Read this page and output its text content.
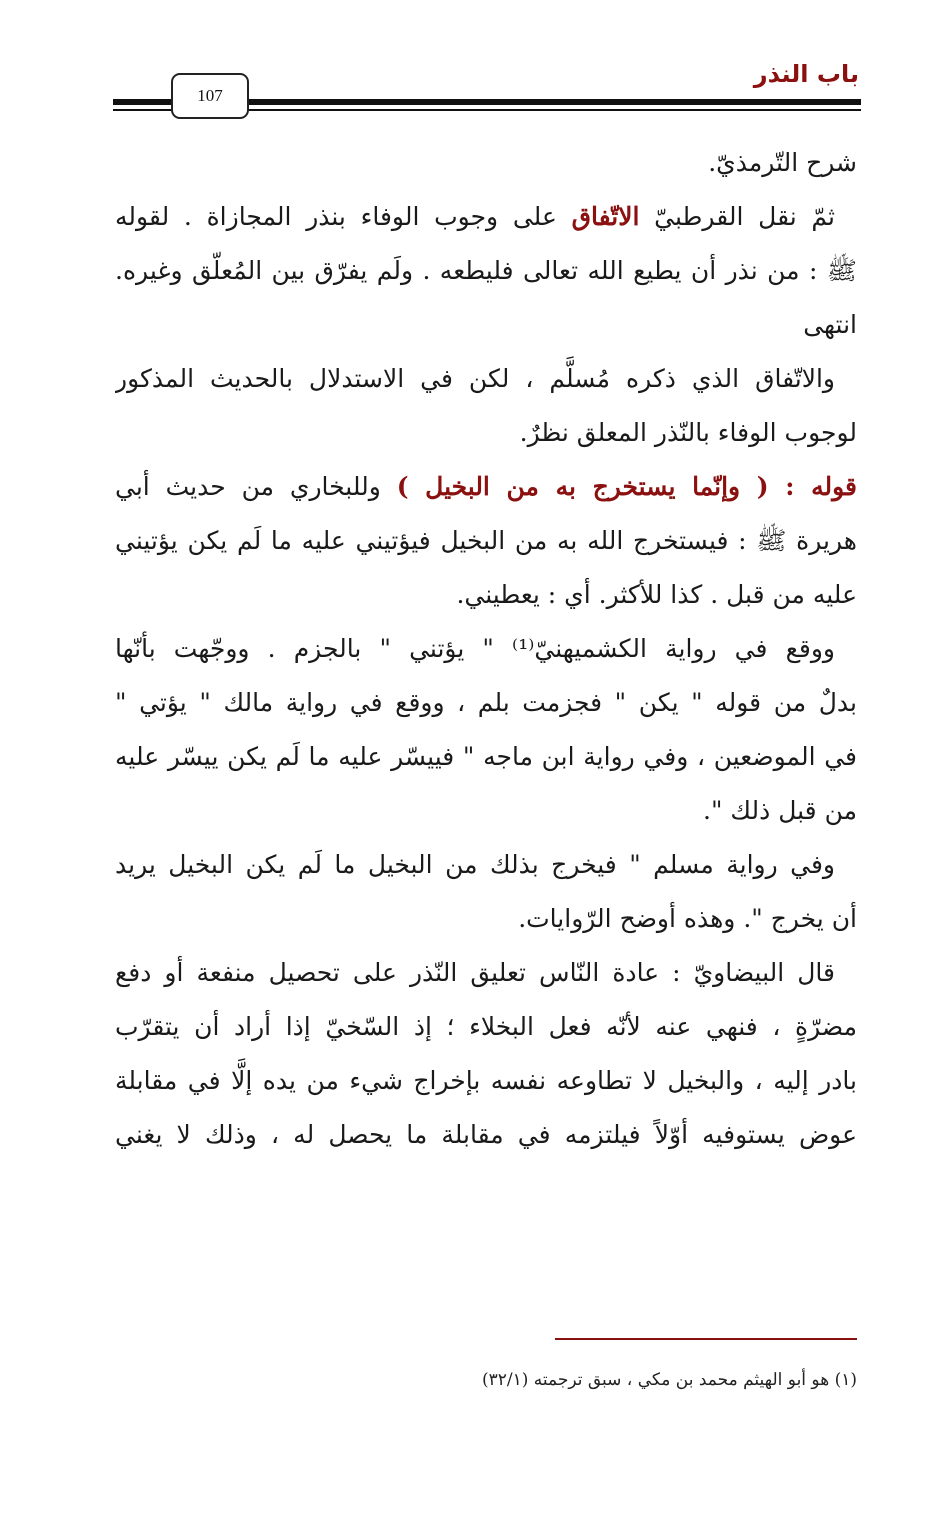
باب النذر
107
شرح التّرمذيّ.
ثمّ نقل القرطبيّ الاتّفاق على وجوب الوفاء بنذر المجازاة . لقوله
ﷺ : من نذر أن يطيع الله تعالى فليطعه . ولَم يفرّق بين المُعلّق وغيره.
انتهى
والاتّفاق الذي ذكره مُسلَّم ، لكن في الاستدلال بالحديث المذكور
لوجوب الوفاء بالنّذر المعلق نظرٌ.
قوله : ( وإنّما يستخرج به من البخيل ) وللبخاري من حديث أبي
هريرة ﷺ : فيستخرج الله به من البخيل فيؤتيني عليه ما لَم يكن يؤتيني
عليه من قبل . كذا للأكثر. أي : يعطيني.
ووقع في رواية الكشميهنيّ⁽¹⁾ " يؤتني " بالجزم . ووجّهت بأنّها
بدلٌ من قوله " يكن " فجزمت بلم ، ووقع في رواية مالك " يؤتي "
في الموضعين ، وفي رواية ابن ماجه " فييسّر عليه ما لَم يكن ييسّر عليه
من قبل ذلك ".
وفي رواية مسلم " فيخرج بذلك من البخيل ما لَم يكن البخيل يريد
أن يخرج ". وهذه أوضح الرّوايات.
قال البيضاويّ : عادة النّاس تعليق النّذر على تحصيل منفعة أو دفع
مضرّةٍ ، فنهي عنه لأنّه فعل البخلاء ؛ إذ السّخيّ إذا أراد أن يتقرّب
بادر إليه ، والبخيل لا تطاوعه نفسه بإخراج شيء من يده إلَّا في مقابلة
عوض يستوفيه أوّلاً فيلتزمه في مقابلة ما يحصل له ، وذلك لا يغني
(١) هو أبو الهيثم محمد بن مكي ، سبق ترجمته (٣٢/١)
